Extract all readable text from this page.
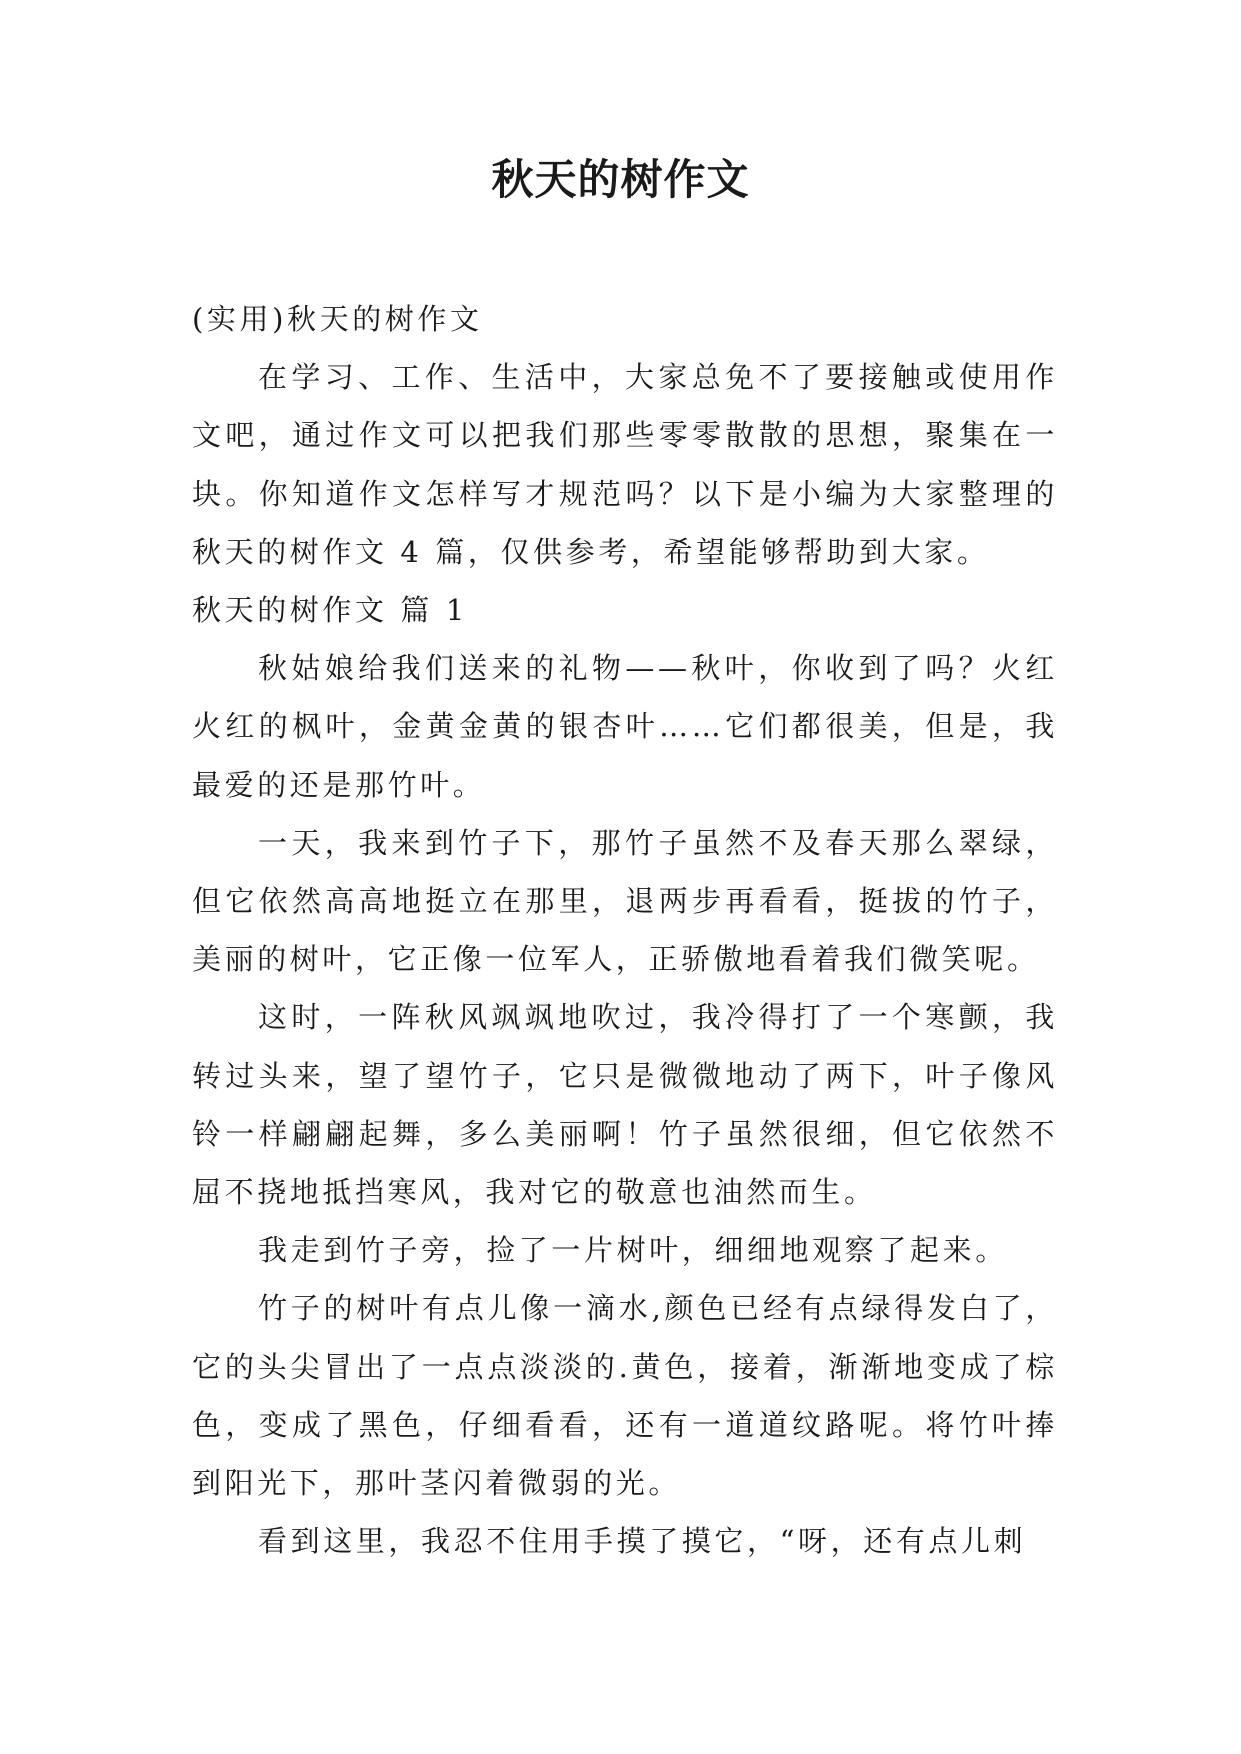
秋天的树作文

(实用)秋天的树作文

在学习、工作、生活中，大家总免不了要接触或使用作文吧，通过作文可以把我们那些零零散散的思想，聚集在一块。你知道作文怎样写才规范吗？以下是小编为大家整理的秋天的树作文 4 篇，仅供参考，希望能够帮助到大家。

秋天的树作文 篇 1

秋姑娘给我们送来的礼物——秋叶，你收到了吗？火红火红的枫叶，金黄金黄的银杏叶……它们都很美，但是，我最爱的还是那竹叶。

一天，我来到竹子下，那竹子虽然不及春天那么翠绿，但它依然高高地挺立在那里，退两步再看看，挺拔的竹子，美丽的树叶，它正像一位军人，正骄傲地看着我们微笑呢。

这时，一阵秋风飒飒地吹过，我冷得打了一个寒颤，我转过头来，望了望竹子，它只是微微地动了两下，叶子像风铃一样翩翩起舞，多么美丽啊！竹子虽然很细，但它依然不屈不挠地抵挡寒风，我对它的敬意也油然而生。

我走到竹子旁，捡了一片树叶，细细地观察了起来。

竹子的树叶有点儿像一滴水,颜色已经有点绿得发白了，它的头尖冒出了一点点淡淡的.黄色，接着，渐渐地变成了棕色，变成了黑色，仔细看看，还有一道道纹路呢。将竹叶捧到阳光下，那叶茎闪着微弱的光。

看到这里，我忍不住用手摸了摸它，“呀，还有点儿刺
